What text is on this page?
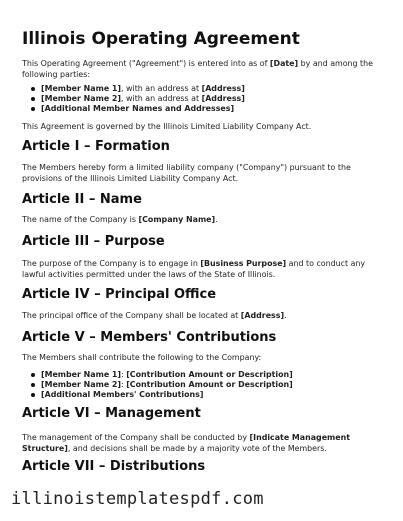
Illinois Operating Agreement

This Operating Agreement ("Agreement") is entered into as of [Date] by and among the following parties:

[Member Name 1], with an address at [Address]
[Member Name 2], with an address at [Address]
[Additional Member Names and Addresses]

This Agreement is governed by the Illinois Limited Liability Company Act.

Article I – Formation

The Members hereby form a limited liability company ("Company") pursuant to the provisions of the Illinois Limited Liability Company Act.

Article II – Name

The name of the Company is [Company Name].

Article III – Purpose

The purpose of the Company is to engage in [Business Purpose] and to conduct any lawful activities permitted under the laws of the State of Illinois.

Article IV – Principal Office

The principal office of the Company shall be located at [Address].

Article V – Members' Contributions

The Members shall contribute the following to the Company:

[Member Name 1]: [Contribution Amount or Description]
[Member Name 2]: [Contribution Amount or Description]
[Additional Members' Contributions]
Article VI – Management

The management of the Company shall be conducted by [Indicate Management Structure], and decisions shall be made by a majority vote of the Members.

Article VII – Distributions
illinoistemplatespdf.com
